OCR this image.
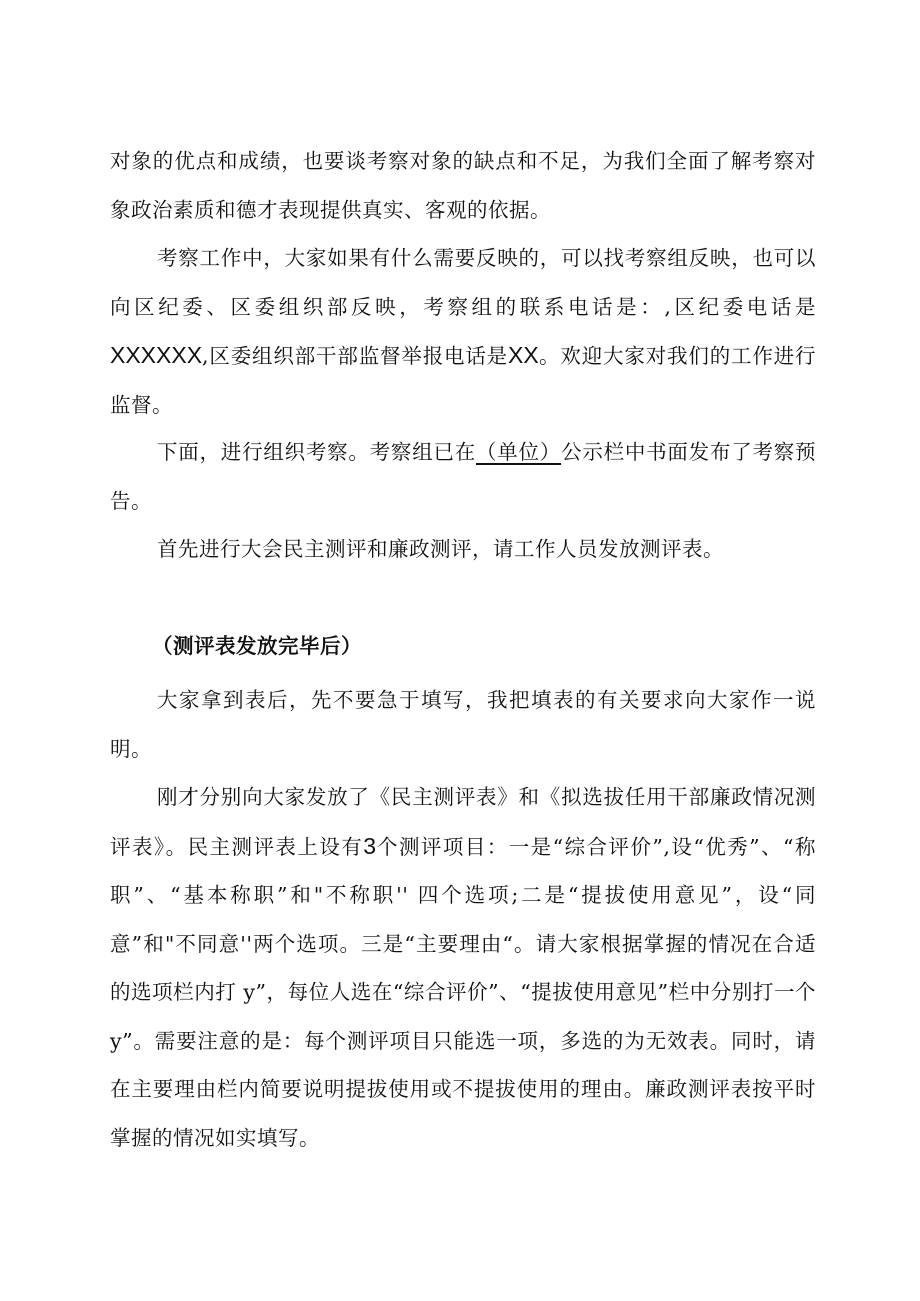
对象的优点和成绩，也要谈考察对象的缺点和不足，为我们全面了解考察对象政治素质和德才表现提供真实、客观的依据。

考察工作中，大家如果有什么需要反映的，可以找考察组反映，也可以向区纪委、区委组织部反映，考察组的联系电话是：,区纪委电话是XXXXXX,区委组织部干部监督举报电话是XX。欢迎大家对我们的工作进行监督。

下面，进行组织考察。考察组已在（单位）公示栏中书面发布了考察预告。

首先进行大会民主测评和廉政测评，请工作人员发放测评表。

（测评表发放完毕后）

大家拿到表后，先不要急于填写，我把填表的有关要求向大家作一说明。

刚才分别向大家发放了《民主测评表》和《拟选拔任用干部廉政情况测评表》。民主测评表上设有3个测评项目：一是“综合评价”,设“优秀”、“称职”、“基本称职”和"不称职'' 四个选项;二是“提拔使用意见”，设“同意”和"不同意''两个选项。三是“主要理由“。请大家根据掌握的情况在合适的选项栏内打 y”，每位人选在“综合评价”、“提拔使用意见”栏中分别打一个 y”。需要注意的是：每个测评项目只能选一项，多选的为无效表。同时，请在主要理由栏内简要说明提拔使用或不提拔使用的理由。廉政测评表按平时掌握的情况如实填写。
